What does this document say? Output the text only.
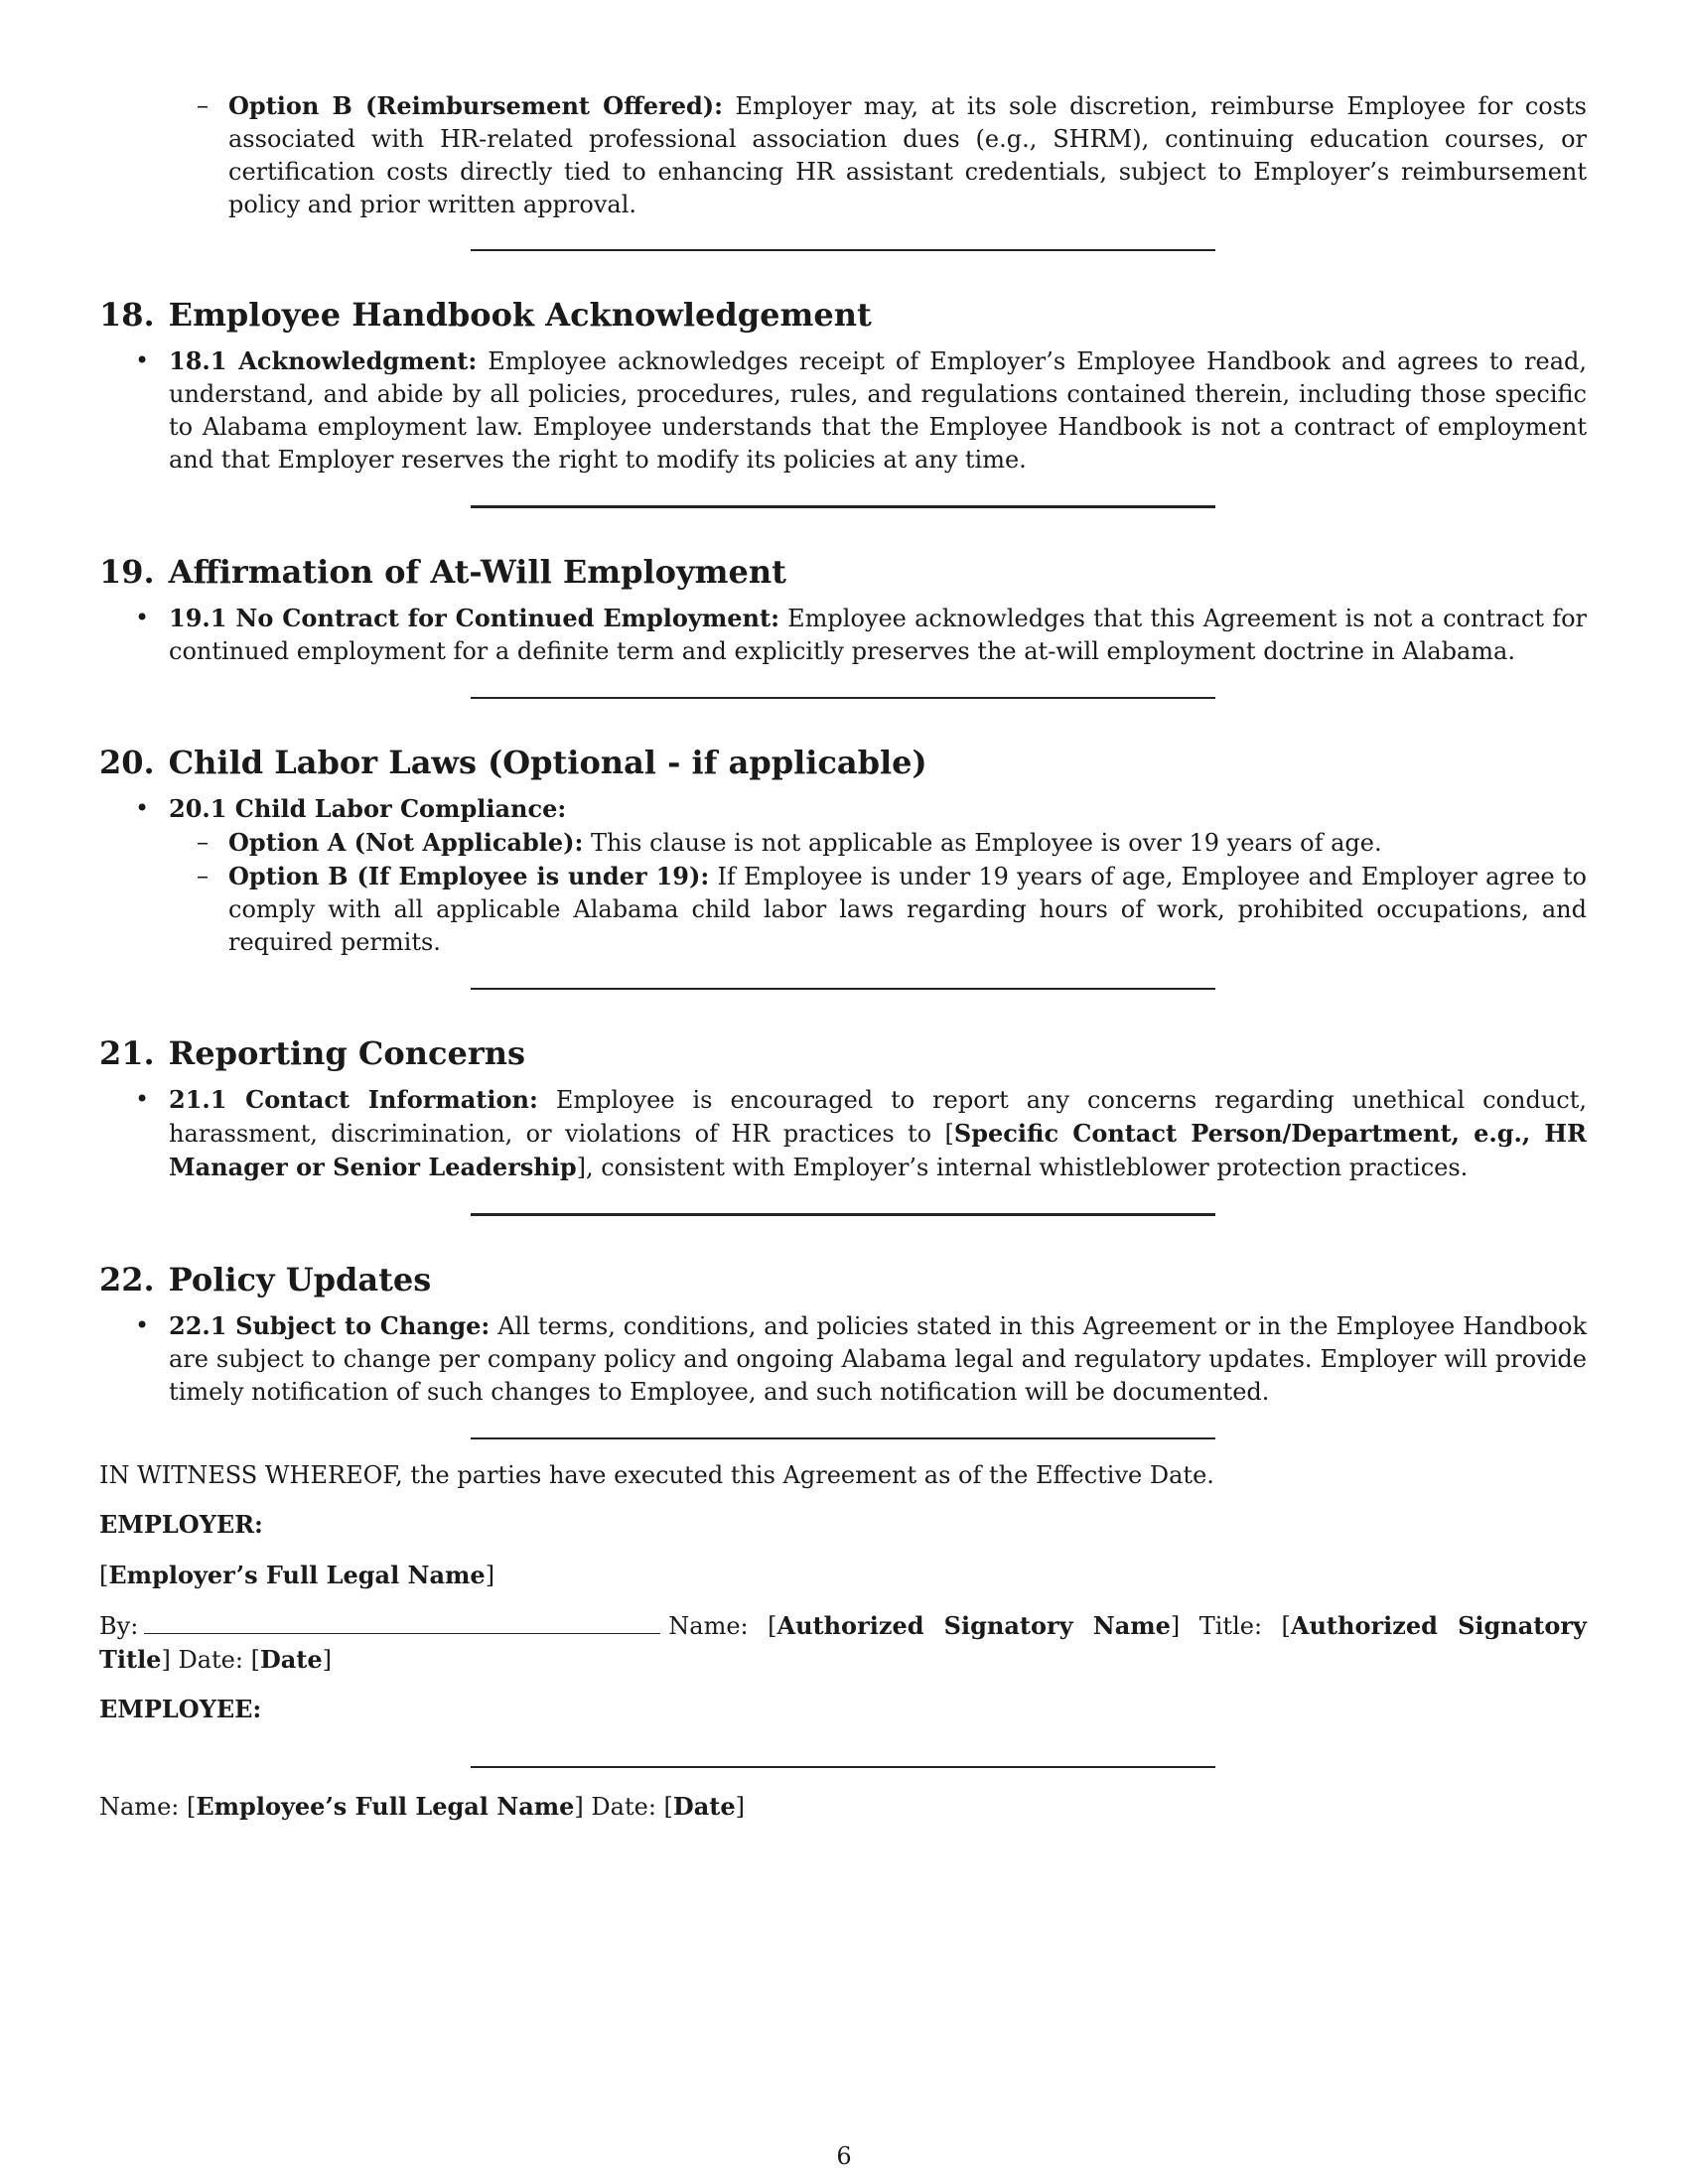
– Option B (Reimbursement Offered): Employer may, at its sole discretion, reimburse Employee for costs associated with HR-related professional association dues (e.g., SHRM), continuing education courses, or certification costs directly tied to enhancing HR assistant credentials, subject to Employer’s reimbursement policy and prior written approval.
18. Employee Handbook Acknowledgement
• 18.1 Acknowledgment: Employee acknowledges receipt of Employer’s Employee Handbook and agrees to read, understand, and abide by all policies, procedures, rules, and regulations contained therein, including those specific to Alabama employment law. Employee understands that the Employee Handbook is not a contract of employment and that Employer reserves the right to modify its policies at any time.
19. Affirmation of At-Will Employment
• 19.1 No Contract for Continued Employment: Employee acknowledges that this Agreement is not a contract for continued employment for a definite term and explicitly preserves the at-will employment doctrine in Alabama.
20. Child Labor Laws (Optional - if applicable)
• 20.1 Child Labor Compliance:
– Option A (Not Applicable): This clause is not applicable as Employee is over 19 years of age.
– Option B (If Employee is under 19): If Employee is under 19 years of age, Employee and Employer agree to comply with all applicable Alabama child labor laws regarding hours of work, prohibited occupations, and required permits.
21. Reporting Concerns
• 21.1 Contact Information: Employee is encouraged to report any concerns regarding unethical conduct, harassment, discrimination, or violations of HR practices to [Specific Contact Person/Department, e.g., HR Manager or Senior Leadership], consistent with Employer’s internal whistleblower protection practices.
22. Policy Updates
• 22.1 Subject to Change: All terms, conditions, and policies stated in this Agreement or in the Employee Handbook are subject to change per company policy and ongoing Alabama legal and regulatory updates. Employer will provide timely notification of such changes to Employee, and such notification will be documented.

IN WITNESS WHEREOF, the parties have executed this Agreement as of the Effective Date.

EMPLOYER:

[Employer’s Full Legal Name]

By:	Name: [Authorized Signatory Name] Title: [Authorized Signatory Title] Date: [Date]

EMPLOYEE:

Name: [Employee’s Full Legal Name] Date: [Date]

6
